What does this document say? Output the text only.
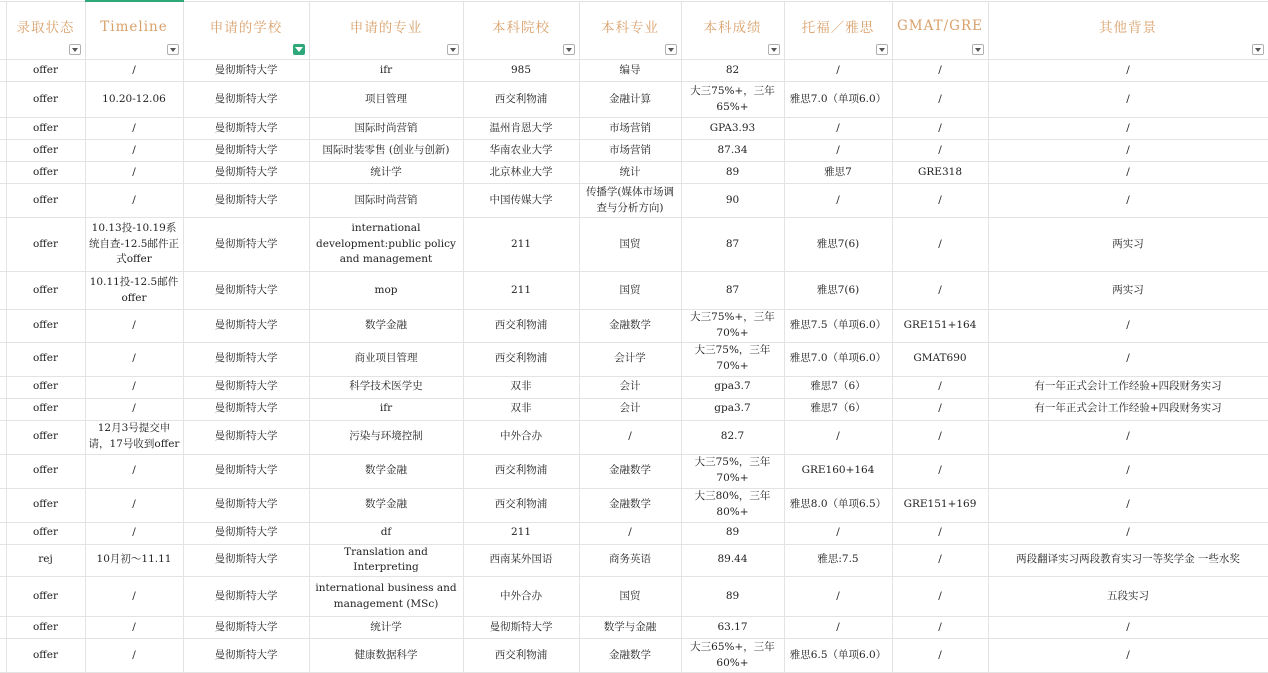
	录取状态	Timeline	申请的学校	申请的专业	本科院校	本科专业	本科成绩	托福／雅思	GMAT/GRE	其他背景

	offer	/	曼彻斯特大学	ifr	985	编导	82	/	/	/
	offer	10.20-12.06	曼彻斯特大学	项目管理	西交利物浦	金融计算	大三75%+，三年65%+	雅思7.0（单项6.0）	/	/
	offer	/	曼彻斯特大学	国际时尚营销	温州肯恩大学	市场营销	GPA3.93	/	/	/
	offer	/	曼彻斯特大学	国际时装零售 (创业与创新)	华南农业大学	市场营销	87.34	/	/	/
	offer	/	曼彻斯特大学	统计学	北京林业大学	统计	89	雅思7	GRE318	/
	offer	/	曼彻斯特大学	国际时尚营销	中国传媒大学	传播学(媒体市场调查与分析方向)	90	/	/	/
	offer	10.13投-10.19系统自查-12.5邮件正式offer	曼彻斯特大学	international development:public policy and management	211	国贸	87	雅思7(6)	/	两实习
	offer	10.11投-12.5邮件offer	曼彻斯特大学	mop	211	国贸	87	雅思7(6)	/	两实习
	offer	/	曼彻斯特大学	数学金融	西交利物浦	金融数学	大三75%+，三年70%+	雅思7.5（单项6.0）	GRE151+164	/
	offer	/	曼彻斯特大学	商业项目管理	西交利物浦	会计学	大三75%，三年70%+	雅思7.0（单项6.0）	GMAT690	/
	offer	/	曼彻斯特大学	科学技术医学史	双非	会计	gpa3.7	雅思7（6）	/	有一年正式会计工作经验+四段财务实习
	offer	/	曼彻斯特大学	ifr	双非	会计	gpa3.7	雅思7（6）	/	有一年正式会计工作经验+四段财务实习
	offer	12月3号提交申请，17号收到offer	曼彻斯特大学	污染与环境控制	中外合办	/	82.7	/	/	/
	offer	/	曼彻斯特大学	数学金融	西交利物浦	金融数学	大三75%，三年70%+	GRE160+164	/	/
	offer	/	曼彻斯特大学	数学金融	西交利物浦	金融数学	大三80%，三年80%+	雅思8.0（单项6.5）	GRE151+169	/
	offer	/	曼彻斯特大学	df	211	/	89	/	/	/
	rej	10月初～11.11	曼彻斯特大学	Translation and Interpreting	西南某外国语	商务英语	89.44	雅思:7.5	/	两段翻译实习两段教育实习一等奖学金 一些水奖
	offer	/	曼彻斯特大学	international business and management (MSc)	中外合办	国贸	89	/	/	五段实习
	offer	/	曼彻斯特大学	统计学	曼彻斯特大学	数学与金融	63.17	/	/	/
	offer	/	曼彻斯特大学	健康数据科学	西交利物浦	金融数学	大三65%+，三年60%+	雅思6.5（单项6.0）	/	/
